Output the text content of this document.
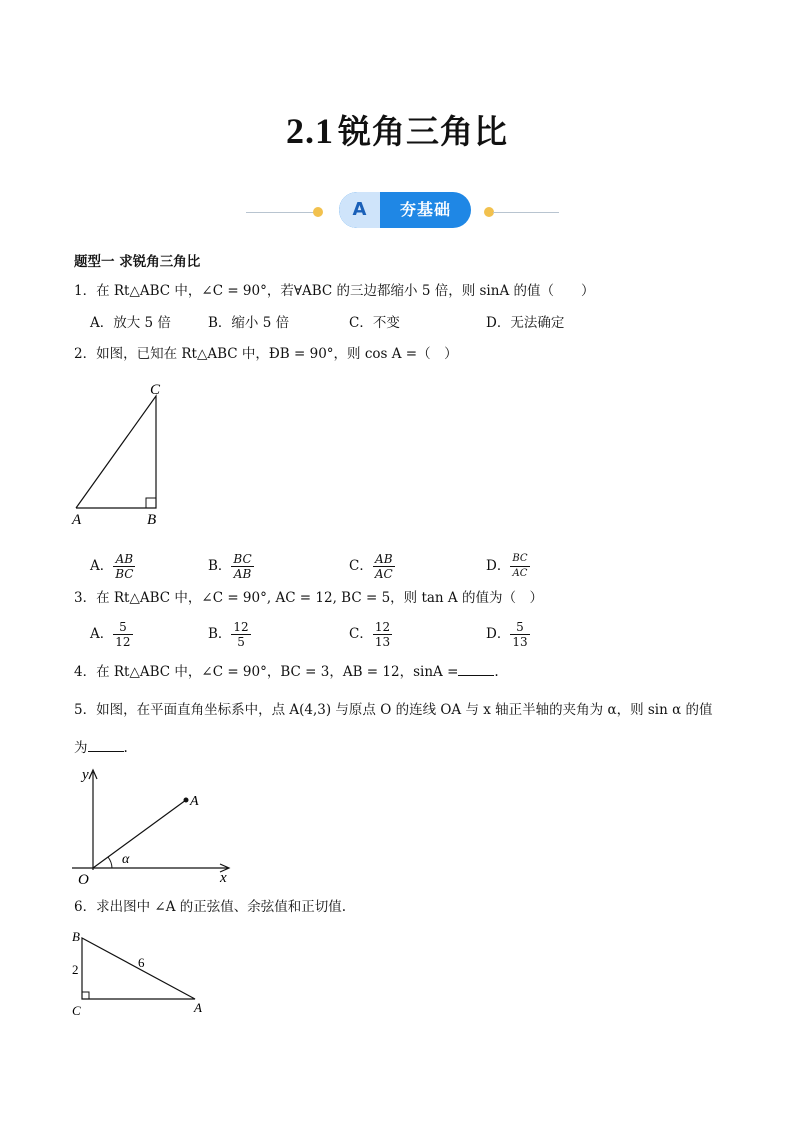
2.1 锐角三角比
A	夯基础
题型一 求锐角三角比
1．在 Rt△ABC 中，∠C = 90°，若∀ABC 的三边都缩小 5 倍，则 sinA 的值（　　）
A．放大 5 倍	B．缩小 5 倍	C．不变	D．无法确定
2．如图，已知在 Rt△ABC 中，ÐB = 90°，则 cos A =（　）
C
A	B
A． $\frac{AB}{BC}$	B． $\frac{BC}{AB}$	C． $\frac{AB}{AC}$	D． $\frac{BC}{AC}$
3．在 Rt△ABC 中，∠C = 90°, AC = 12, BC = 5，则 tan A 的值为（　）
A． $\frac{5}{12}$	B． $\frac{12}{5}$	C． $\frac{12}{13}$	D． $\frac{5}{13}$
4．在 Rt△ABC 中，∠C = 90°，BC = 3，AB = 12，sinA =	.
5．如图，在平面直角坐标系中，点 A(4,3) 与原点 O 的连线 OA 与 x 轴正半轴的夹角为 α，则 sin α 的值
为	.
y
x
O
A
α
6．求出图中 ∠A 的正弦值、余弦值和正切值.
B
C	A
2	6
